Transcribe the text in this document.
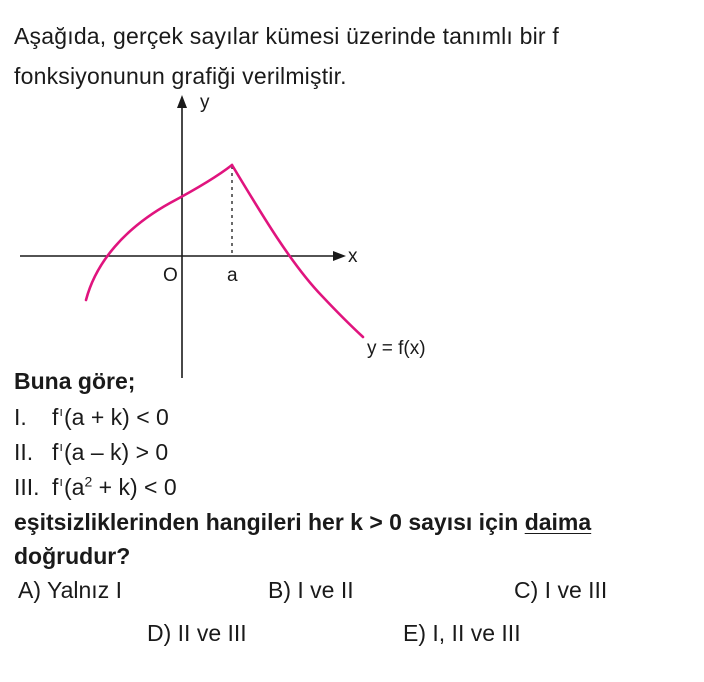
Aşağıda, gerçek sayılar kümesi üzerinde tanımlı bir f
fonksiyonunun grafiği verilmiştir.
y
x
O	a
y = f(x)
Buna göre;
I. $f^ı(a + k) < 0$
II. $f^ı(a - k) > 0$
III. $f^ı(a^2 + k) < 0$
eşitsizliklerinden hangileri her k > 0 sayısı için daima
doğrudur?
A) Yalnız I	B) I ve II	C) I ve III
D) II ve III	E) I, II ve III
